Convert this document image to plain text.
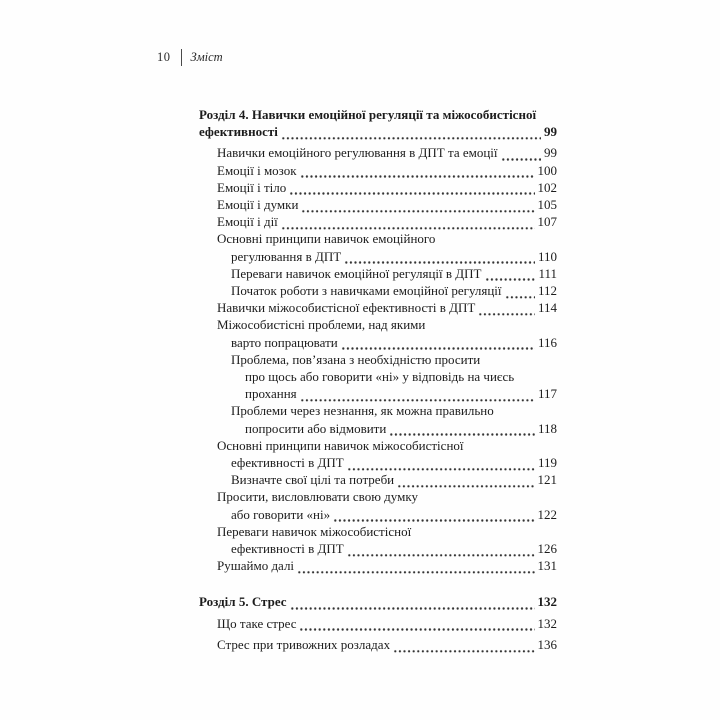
10 Зміст
Розділ 4. Навички емоційної регуляції та міжособистісної
ефективності	99
Навички емоційного регулювання в ДПТ та емоції	99
Емоції і мозок	100
Емоції і тіло	102
Емоції і думки	105
Емоції і дії	107
Основні принципи навичок емоційного
регулювання в ДПТ	110
Переваги навичок емоційної регуляції в ДПТ	111
Початок роботи з навичками емоційної регуляції	112
Навички міжособистісної ефективності в ДПТ	114
Міжособистісні проблеми, над якими
варто попрацювати	116
Проблема, пов’язана з необхідністю просити
про щось або говорити «ні» у відповідь на чиєсь
прохання	117
Проблеми через незнання, як можна правильно
попросити або відмовити	118
Основні принципи навичок міжособистісної
ефективності в ДПТ	119
Визначте свої цілі та потреби	121
Просити, висловлювати свою думку
або говорити «ні»	122
Переваги навичок міжособистісної
ефективності в ДПТ	126
Рушаймо далі	131
Розділ 5. Стрес	132
Що таке стрес	132
Стрес при тривожних розладах	136
